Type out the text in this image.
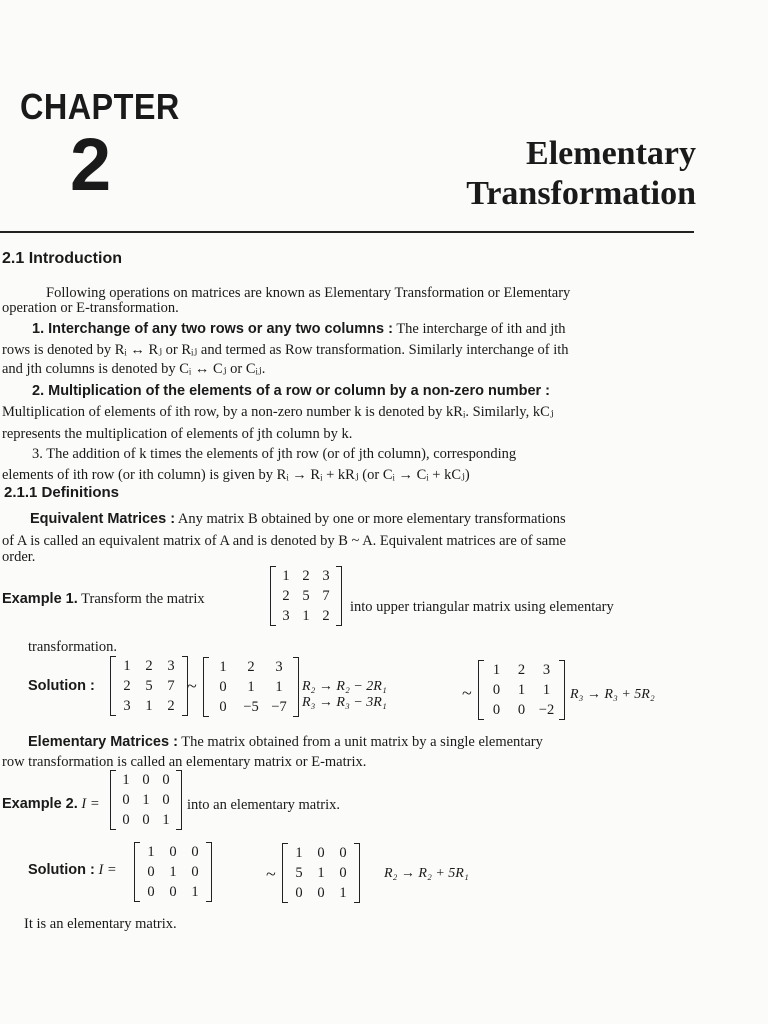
CHAPTER
2	Elementary
Transformation
2.1 Introduction
Following operations on matrices are known as Elementary Transformation or Elementary
operation or E-transformation.
1. Interchange of any two rows or any two columns : The intercharge of ith and jth
rows is denoted by Rᵢ ↔ Rⱼ or Rᵢⱼ and termed as Row transformation. Similarly interchange of ith
and jth columns is denoted by Cᵢ ↔ Cⱼ or Cᵢⱼ.
2. Multiplication of the elements of a row or column by a non-zero number :
Multiplication of elements of ith row, by a non-zero number k is denoted by kRᵢ. Similarly, kCⱼ
represents the multiplication of elements of jth column by k.
3. The addition of k times the elements of jth row (or of jth column), corresponding
elements of ith row (or ith column) is given by Rᵢ → Rᵢ + kRⱼ (or Cᵢ → Cᵢ + kCⱼ)
2.1.1 Definitions
Equivalent Matrices : Any matrix B obtained by one or more elementary transformations
of A is called an equivalent matrix of A and is denoted by B ~ A. Equivalent matrices are of same
order.
Example 1. Transform the matrix
1 2 3
2 5 7
3 1 2
into upper triangular matrix using elementary
transformation.
Solution :
1	2	3
2	5	7
3	1	2
~
1	2	3
0	1	1
0	−5 −7
R₂ → R₂ − 2R₁
R₃ → R₃ − 3R₁	~
1	2	3
0	1	1
0	0 −2
R₃ → R₃ + 5R₂
Elementary Matrices : The matrix obtained from a unit matrix by a single elementary
row transformation is called an elementary matrix or E-matrix.
Example 2. I =
1 0 0
0 1 0
0 0 1
into an elementary matrix.
Solution : I =
1	0	0
0	1	0
0	0	1
~
1	0	0
5	1	0
0	0	1
R₂ → R₂ + 5R₁
It is an elementary matrix.
